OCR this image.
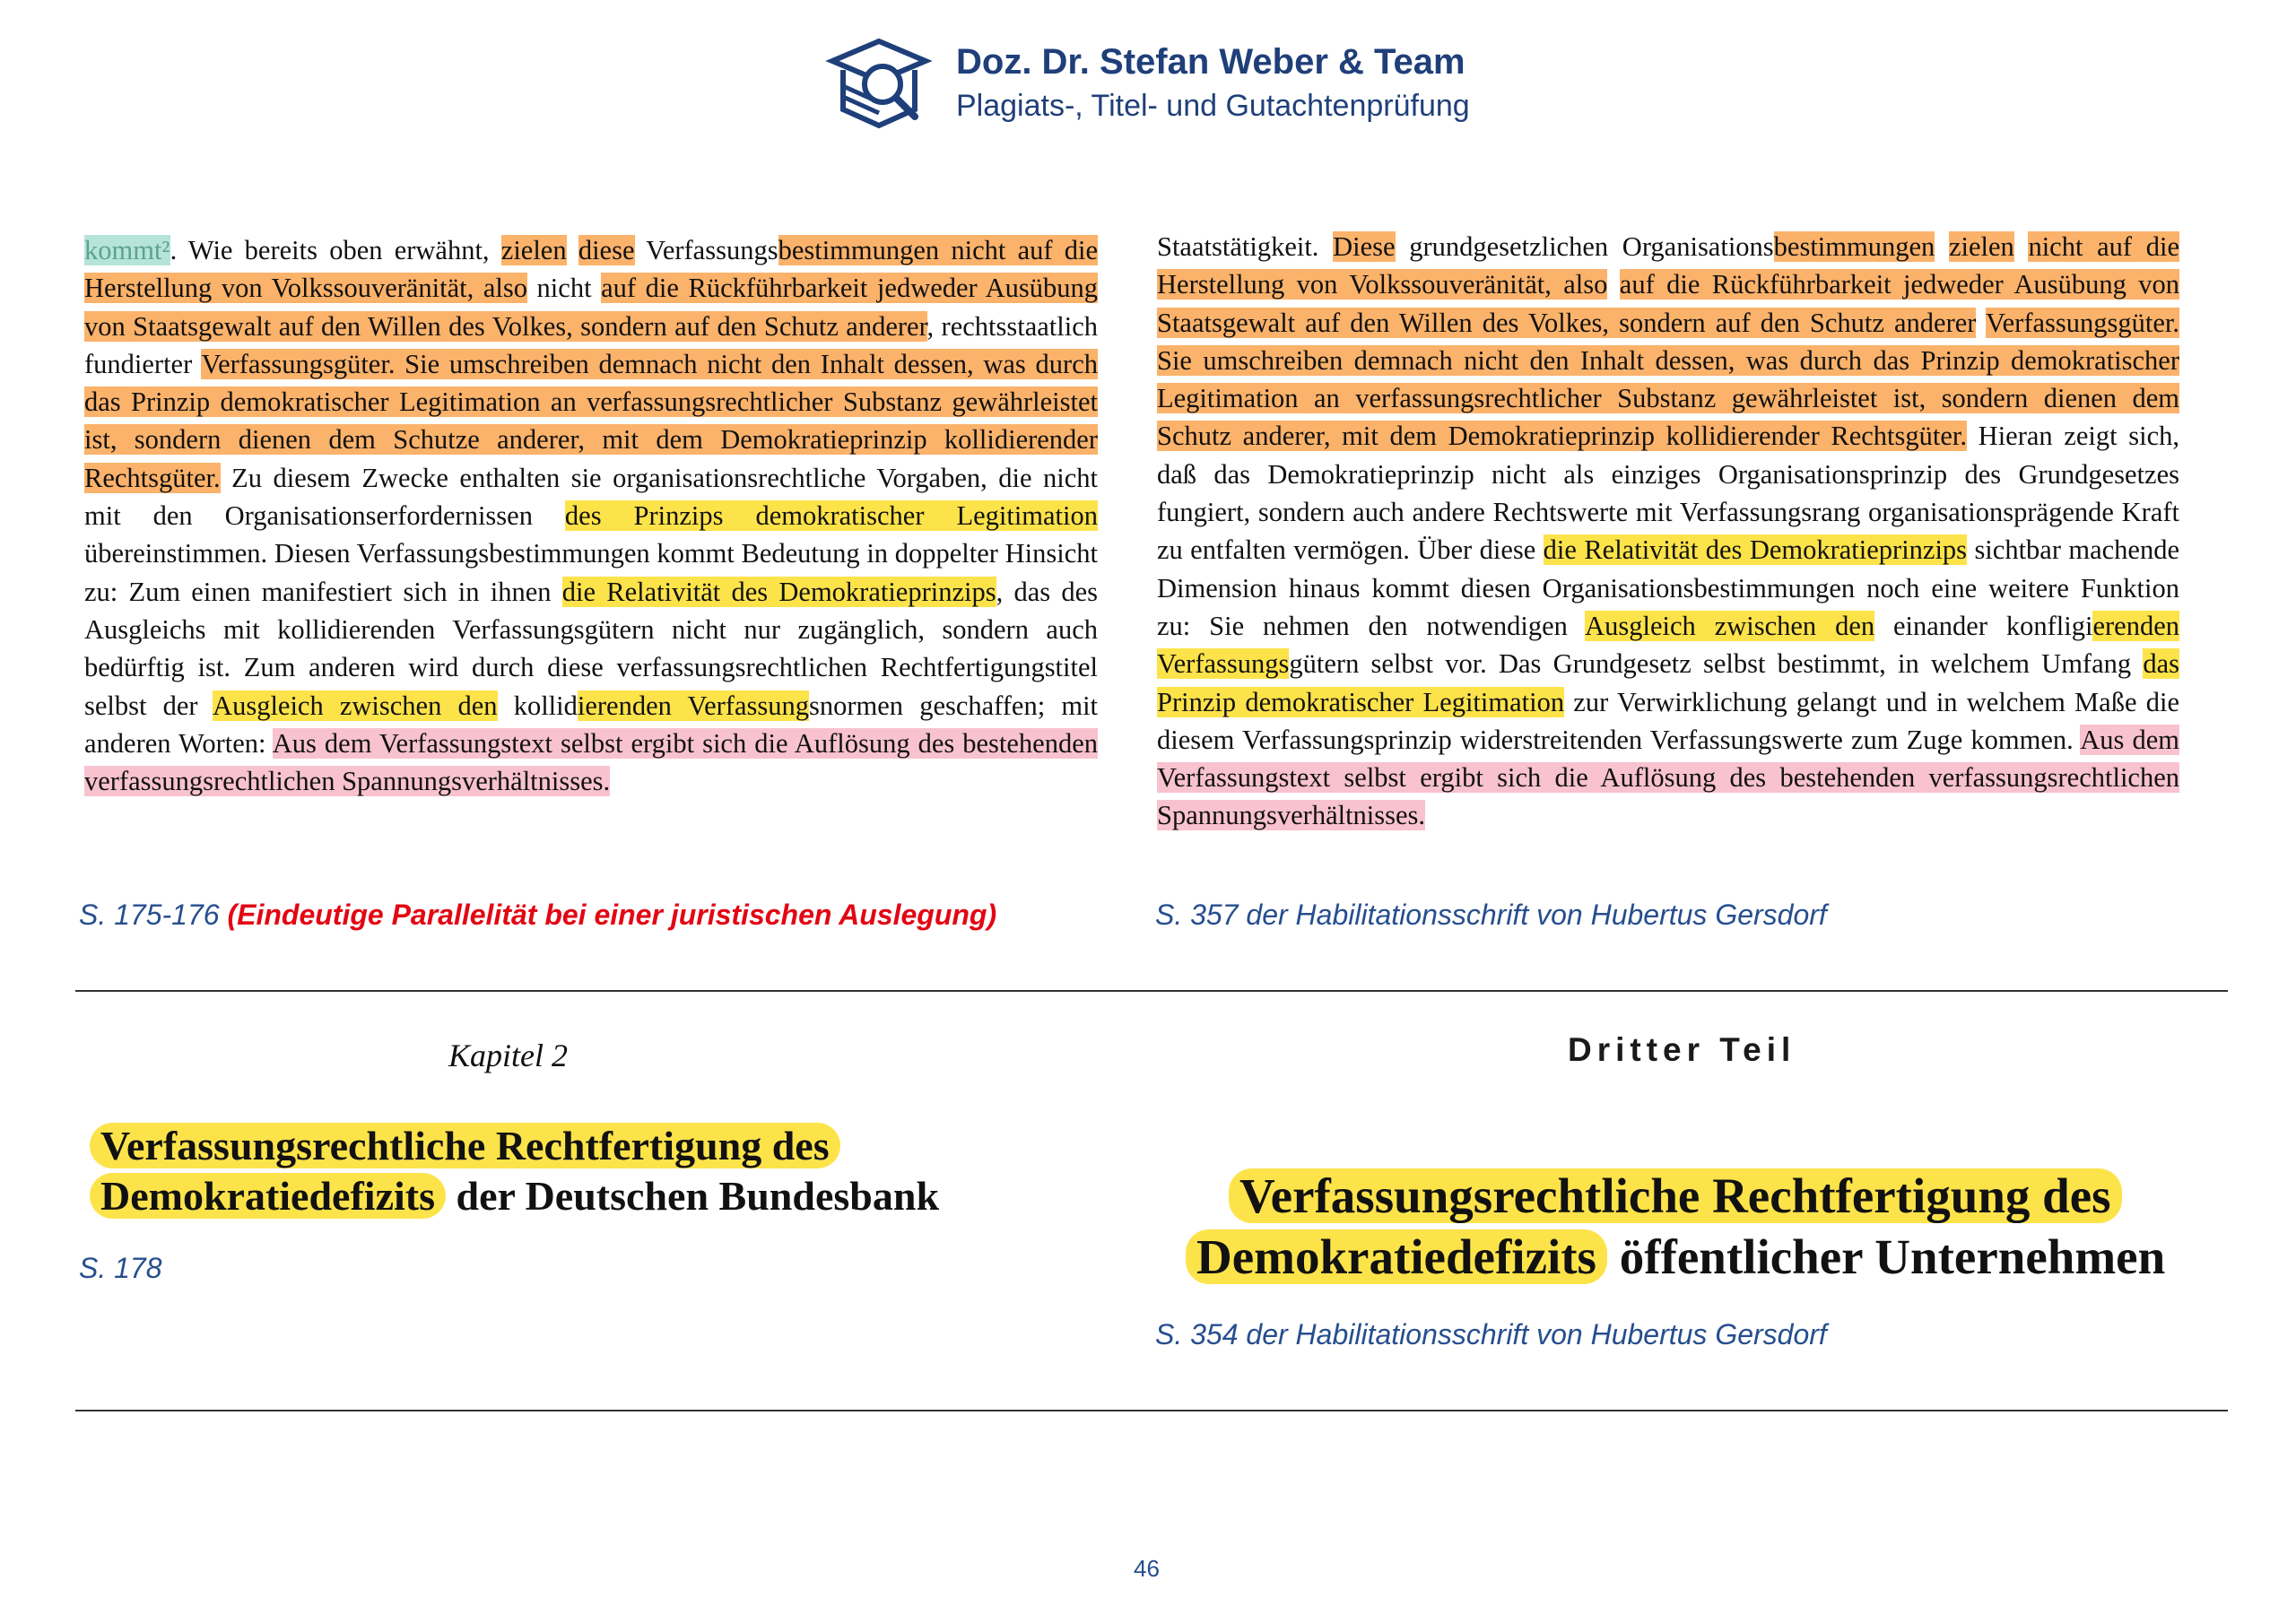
Doz. Dr. Stefan Weber & Team
Plagiats-, Titel- und Gutachtenprüfung
kommt². Wie bereits oben erwähnt, zielen diese Verfassungsbestimmungen nicht auf die Herstellung von Volkssouveränität, also nicht auf die Rückführbarkeit jedweder Ausübung von Staatsgewalt auf den Willen des Volkes, sondern auf den Schutz anderer, rechtsstaatlich fundierter Verfassungsgüter. Sie umschreiben demnach nicht den Inhalt dessen, was durch das Prinzip demokratischer Legitimation an verfassungsrechtlicher Substanz gewährleistet ist, sondern dienen dem Schutze anderer, mit dem Demokratieprinzip kollidierender Rechtsgüter. Zu diesem Zwecke enthalten sie organisationsrechtliche Vorgaben, die nicht mit den Organisationserfordernissen des Prinzips demokratischer Legitimation übereinstimmen. Diesen Verfassungsbestimmungen kommt Bedeutung in doppelter Hinsicht zu: Zum einen manifestiert sich in ihnen die Relativität des Demokratieprinzips, das des Ausgleichs mit kollidierenden Verfassungsgütern nicht nur zugänglich, sondern auch bedürftig ist. Zum anderen wird durch diese verfassungsrechtlichen Rechtfertigungstitel selbst der Ausgleich zwischen den kollidierenden Verfassungsnormen geschaffen; mit anderen Worten: Aus dem Verfassungstext selbst ergibt sich die Auflösung des bestehenden verfassungsrechtlichen Spannungsverhältnisses.
Staatstätigkeit. Diese grundgesetzlichen Organisationsbestimmungen zielen nicht auf die Herstellung von Volkssouveränität, also auf die Rückführbarkeit jedweder Ausübung von Staatsgewalt auf den Willen des Volkes, sondern auf den Schutz anderer Verfassungsgüter. Sie umschreiben demnach nicht den Inhalt dessen, was durch das Prinzip demokratischer Legitimation an verfassungsrechtlicher Substanz gewährleistet ist, sondern dienen dem Schutz anderer, mit dem Demokratieprinzip kollidierender Rechtsgüter. Hieran zeigt sich, daß das Demokratieprinzip nicht als einziges Organisationsprinzip des Grundgesetzes fungiert, sondern auch andere Rechtswerte mit Verfassungsrang organisationsprägende Kraft zu entfalten vermögen. Über diese die Relativität des Demokratieprinzips sichtbar machende Dimension hinaus kommt diesen Organisationsbestimmungen noch eine weitere Funktion zu: Sie nehmen den notwendigen Ausgleich zwischen den einander konfligierenden Verfassungsgütern selbst vor. Das Grundgesetz selbst bestimmt, in welchem Umfang das Prinzip demokratischer Legitimation zur Verwirklichung gelangt und in welchem Maße die diesem Verfassungsprinzip widerstreitenden Verfassungswerte zum Zuge kommen. Aus dem Verfassungstext selbst ergibt sich die Auflösung des bestehenden verfassungsrechtlichen Spannungsverhältnisses.
S. 175-176 (Eindeutige Parallelität bei einer juristischen Auslegung)	S. 357 der Habilitationsschrift von Hubertus Gersdorf
Kapitel 2
Verfassungsrechtliche Rechtfertigung des
Demokratiedefizits der Deutschen Bundesbank
Dritter Teil
Verfassungsrechtliche Rechtfertigung des
Demokratiedefizits öffentlicher Unternehmen
S. 178
S. 354 der Habilitationsschrift von Hubertus Gersdorf
46
